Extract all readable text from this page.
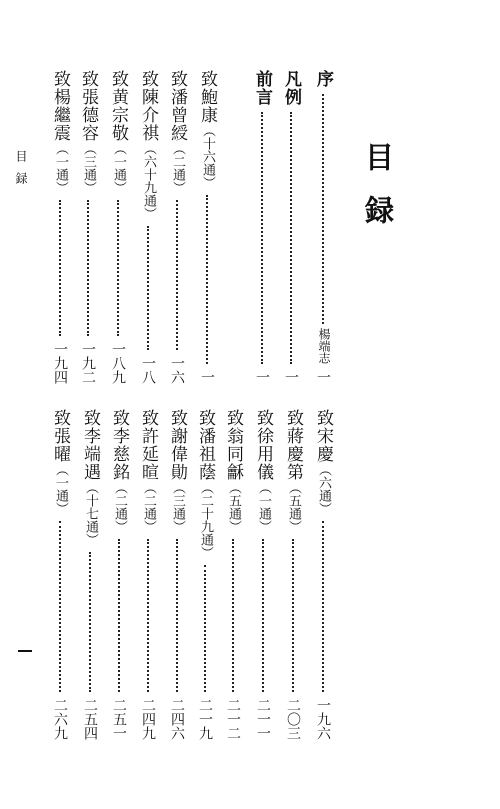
目録
目録
序
一
楊端志
凡例
一
前言
一
致鮑康（十六通）
一
致潘曾綬（二通）
一六
致陳介祺（六十九通）
一八
致黄宗敬（一通）
一八九
致張德容（三通）
一九二
致楊繼震（一通）
一九四
致宋慶（六通）
一九六
致蔣慶第（五通）
二〇三
致徐用儀（一通）
二一一
致翁同龢（五通）
二一二
致潘祖蔭（二十九通）
二一九
致謝偉勛（三通）
二四六
致許延暄（二通）
二四九
致李慈銘（二通）
二五一
致李端遇（十七通）
二五四
致張曜（一通）
二六九
